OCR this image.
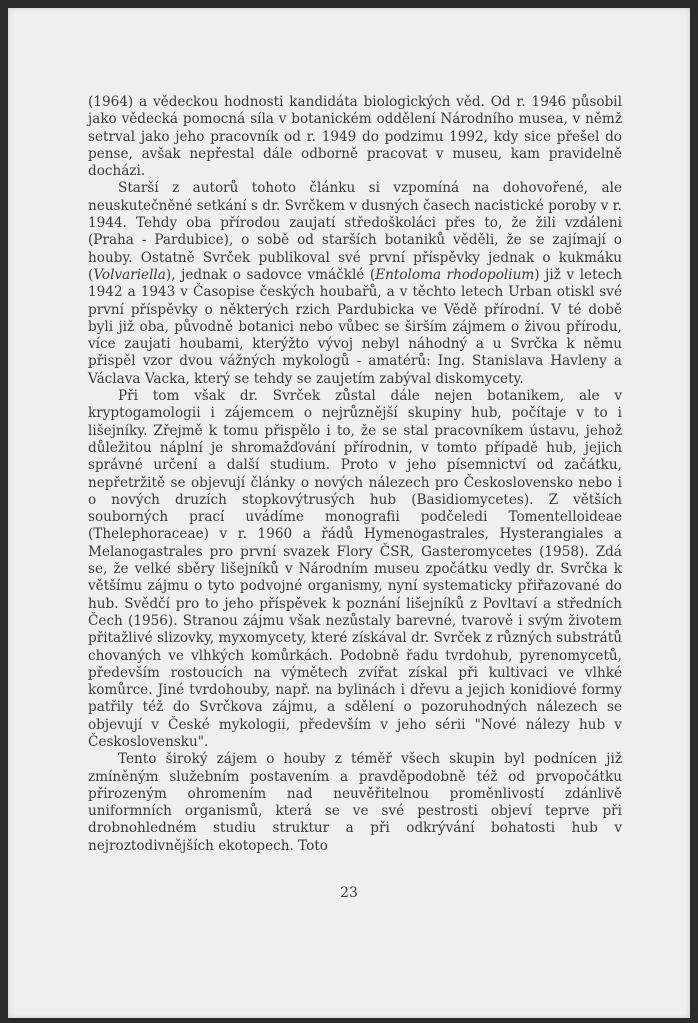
(1964) a vědeckou hodnosti kandidáta biologických věd. Od r. 1946 působil jako vědecká pomocná síla v botanickém oddělení Národního musea, v němž setrval jako jeho pracovník od r. 1949 do podzimu 1992, kdy sice přešel do pense, avšak nepřestal dále odborně pracovat v museu, kam pravidelně docházi.

Starší z autorů tohoto článku si vzpomíná na dohovořené, ale neuskutečněné setkání s dr. Svrčkem v dusných časech nacistické poroby v r. 1944. Tehdy oba přírodou zaujatí středoškoláci přes to, že žili vzdáleni (Praha - Pardubice), o sobě od starších botaniků věděli, že se zajímají o houby. Ostatně Svrček publikoval své první příspěvky jednak o kukmáku (Volvariella), jednak o sadovce vmáčklé (Entoloma rhodopolium) již v letech 1942 a 1943 v Časopise českých houbařů, a v těchto letech Urban otiskl své první příspěvky o některých rzich Pardubicka ve Vědě přírodní. V té době byli již oba, původně botanici nebo vůbec se širším zájmem o živou přírodu, více zaujati houbami, kterýžto vývoj nebyl náhodný a u Svrčka k němu přispěl vzor dvou vážných mykologů - amatérů: Ing. Stanislava Havleny a Václava Vacka, který se tehdy se zaujetím zabýval diskomycety.

Při tom však dr. Svrček zůstal dále nejen botanikem, ale v kryptogamologii i zájemcem o nejrůznější skupiny hub, počítaje v to i lišejníky. Zřejmě k tomu přispělo i to, že se stal pracovníkem ústavu, jehož důležitou náplní je shromažďování přírodnin, v tomto případě hub, jejich správné určení a další studium. Proto v jeho písemnictví od začátku, nepřetržitě se objevují články o nových nálezech pro Československo nebo i o nových druzích stopkovýtrusých hub (Basidiomycetes). Z větších souborných prací uvádíme monografii podčeledi Tomentelloideae (Thelephoraceae) v r. 1960 a řádů Hymenogastrales, Hysterangiales a Melanogastrales pro první svazek Flory ČSR, Gasteromycetes (1958). Zdá se, že velké sběry lišejníků v Národním museu zpočátku vedly dr. Svrčka k většímu zájmu o tyto podvojné organismy, nyní systematicky přiřazované do hub. Svědčí pro to jeho příspěvek k poznání lišejníků z Povltaví a středních Čech (1956). Stranou zájmu však nezůstaly barevné, tvarově i svým životem přitažlivé slizovky, myxomycety, které získával dr. Svrček z různých substrátů chovaných ve vlhkých komůrkách. Podobně řadu tvrdohub, pyrenomycetů, především rostoucích na výmětech zvířat získal při kultivaci ve vlhké komůrce. Jiné tvrdohouby, např. na bylinách i dřevu a jejich konidiové formy patřily též do Svrčkova zájmu, a sdělení o pozoruhodných nálezech se objevují v České mykologii, především v jeho sérii "Nové nálezy hub v Československu".

Tento široký zájem o houby z téměř všech skupin byl podnícen již zmíněným služebním postavením a pravděpodobně též od prvopočátku přirozeným ohromením nad neuvěřitelnou proměnlivostí zdánlivě uniformních organismů, která se ve své pestrosti objeví teprve při drobnohledném studiu struktur a při odkrývání bohatosti hub v nejroztodivnějších ekotopech. Toto

23
